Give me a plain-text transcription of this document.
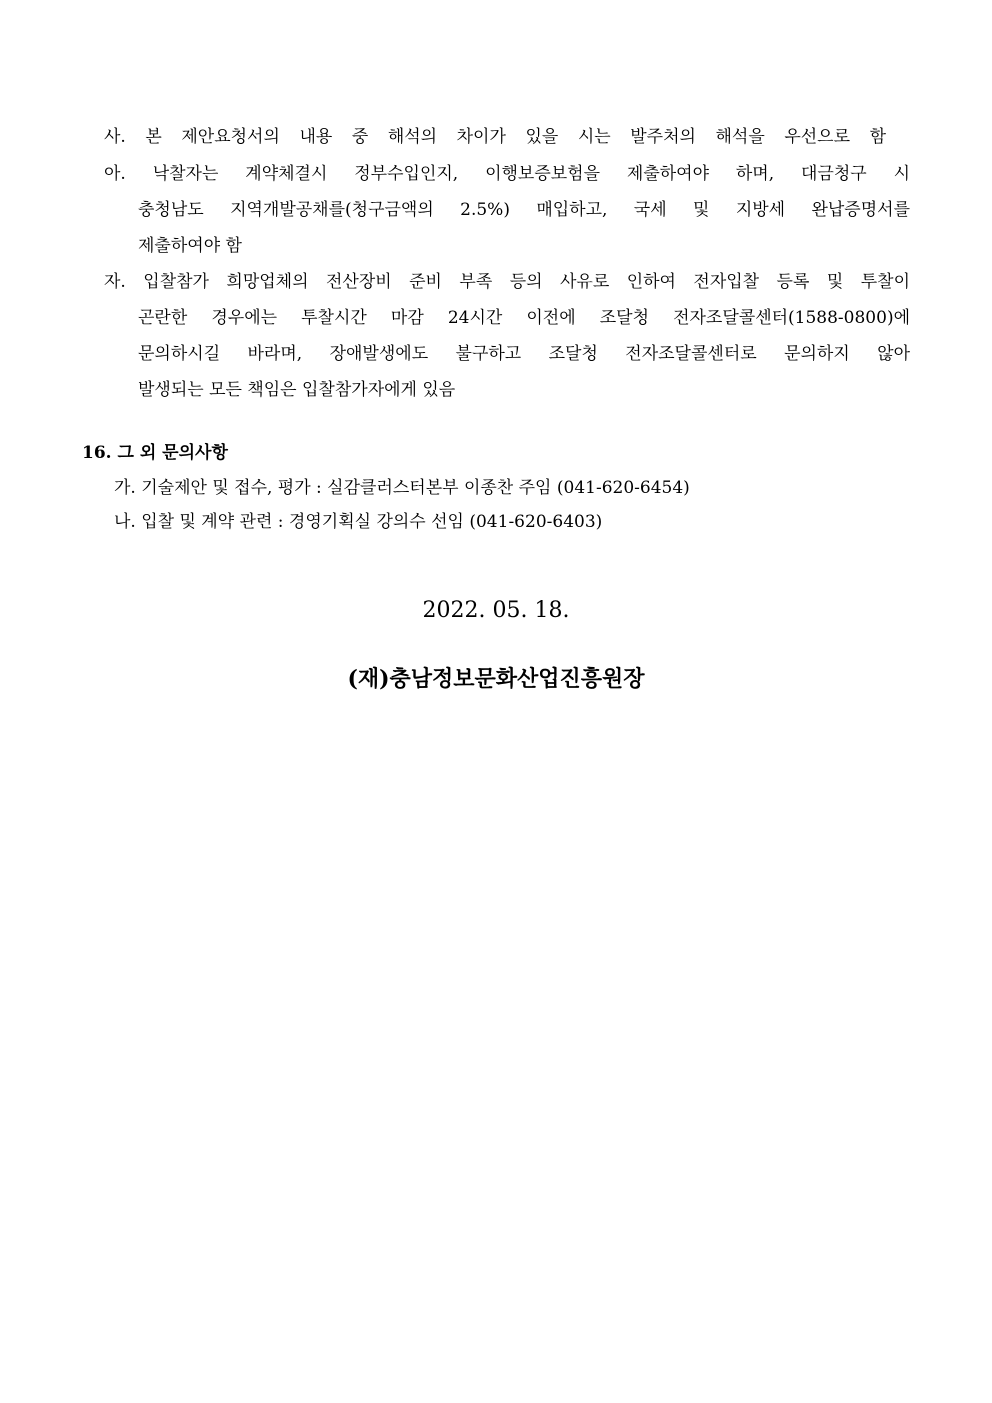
사. 본 제안요청서의 내용 중 해석의 차이가 있을 시는 발주처의 해석을 우선으로 함
아. 낙찰자는 계약체결시 정부수입인지, 이행보증보험을 제출하여야 하며, 대금청구 시
충청남도 지역개발공채를(청구금액의 2.5%) 매입하고, 국세 및 지방세 완납증명서를
제출하여야 함
자. 입찰참가 희망업체의 전산장비 준비 부족 등의 사유로 인하여 전자입찰 등록 및 투찰이
곤란한 경우에는 투찰시간 마감 24시간 이전에 조달청 전자조달콜센터(1588-0800)에
문의하시길 바라며, 장애발생에도 불구하고 조달청 전자조달콜센터로 문의하지 않아
발생되는 모든 책임은 입찰참가자에게 있음
16. 그 외 문의사항
가. 기술제안 및 접수, 평가 : 실감클러스터본부 이종찬 주임 (041-620-6454)
나. 입찰 및 계약 관련 : 경영기획실 강의수 선임 (041-620-6403)
2022. 05. 18.
(재)충남정보문화산업진흥원장
